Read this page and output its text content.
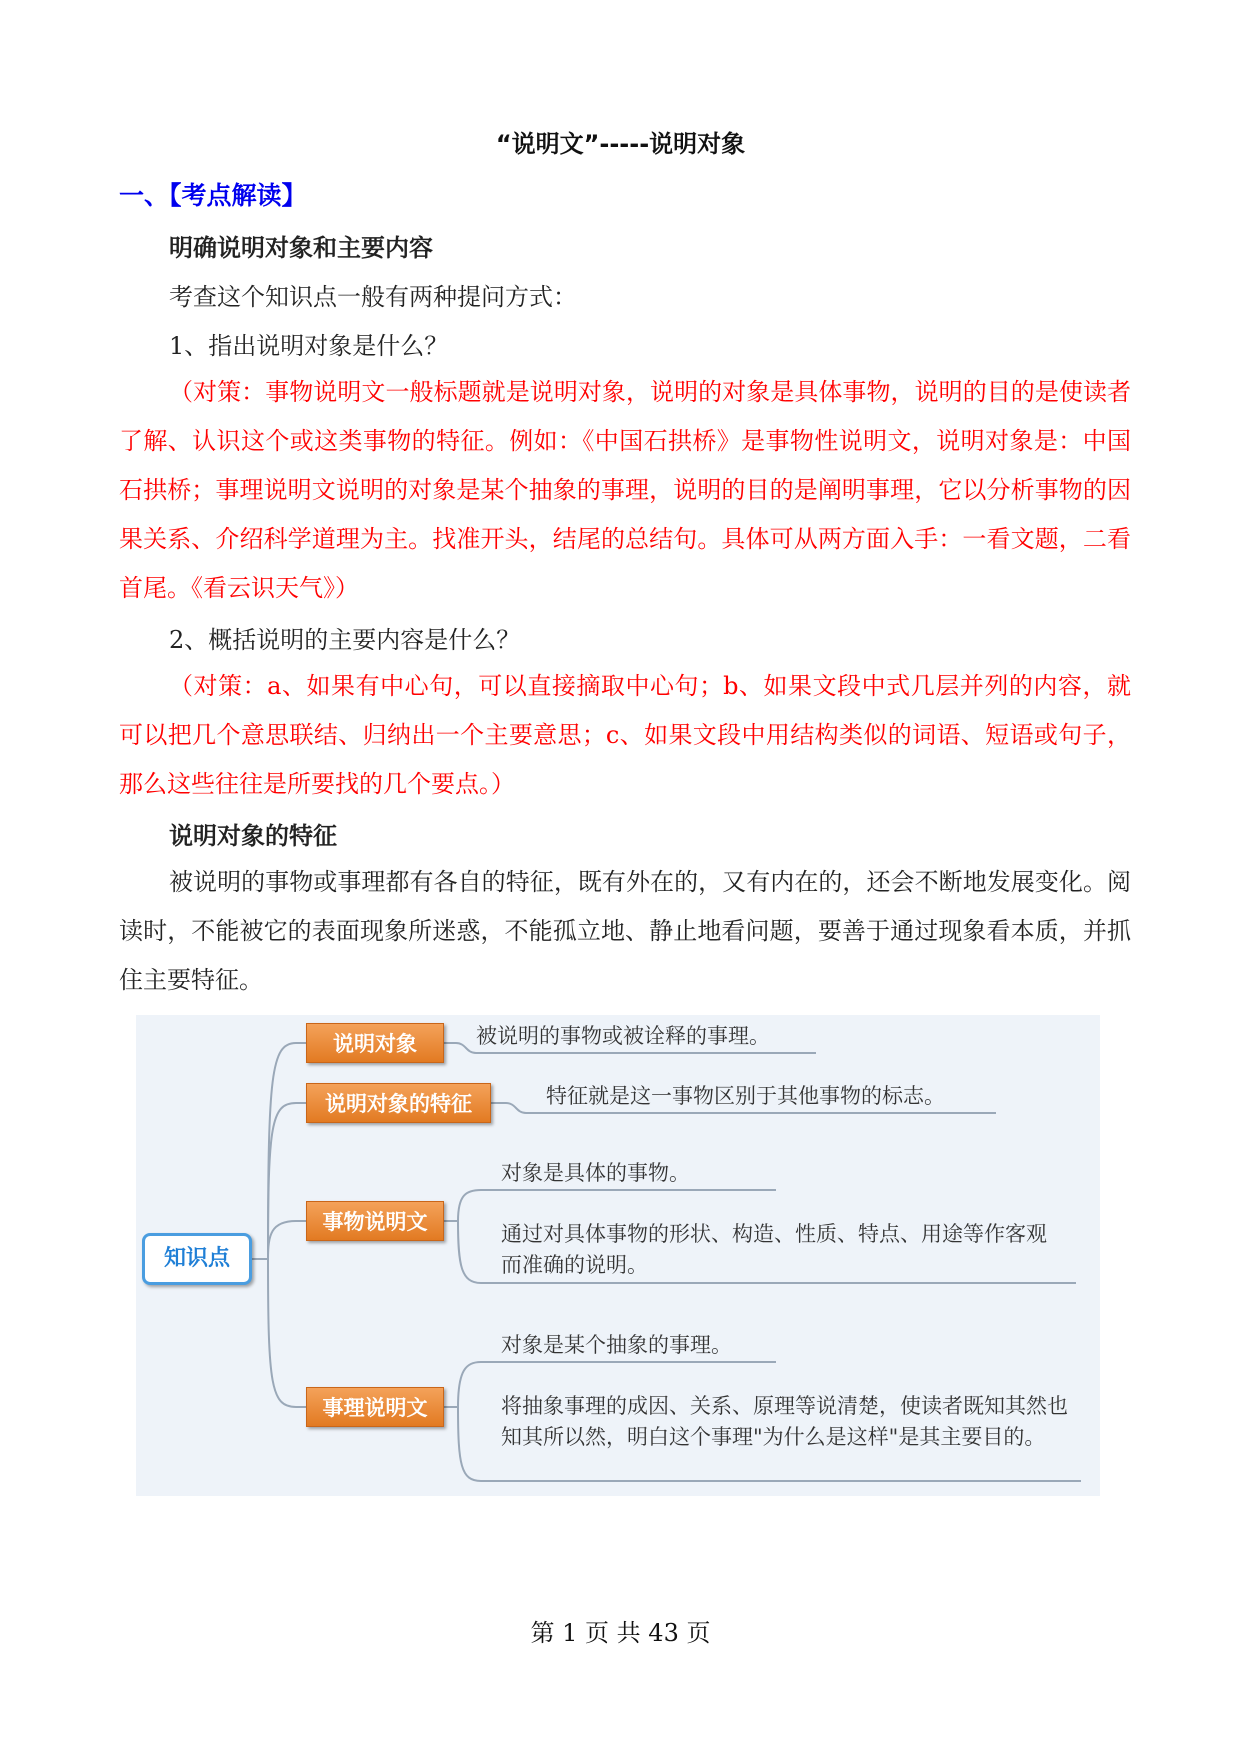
“说明文”-----说明对象
一、【考点解读】
明确说明对象和主要内容
考查这个知识点一般有两种提问方式：
1、指出说明对象是什么？

（对策：事物说明文一般标题就是说明对象，说明的对象是具体事物，说明的目的是使读者了解、认识这个或这类事物的特征。例如：《中国石拱桥》是事物性说明文，说明对象是：中国石拱桥；事理说明文说明的对象是某个抽象的事理，说明的目的是阐明事理，它以分析事物的因果关系、介绍科学道理为主。找准开头，结尾的总结句。具体可从两方面入手：一看文题，二看首尾。《看云识天气》）

2、概括说明的主要内容是什么？

（对策：a、如果有中心句，可以直接摘取中心句；b、如果文段中式几层并列的内容，就可以把几个意思联结、归纳出一个主要意思；c、如果文段中用结构类似的词语、短语或句子，那么这些往往是所要找的几个要点。）

说明对象的特征

被说明的事物或事理都有各自的特征，既有外在的，又有内在的，还会不断地发展变化。阅读时，不能被它的表面现象所迷惑，不能孤立地、静止地看问题，要善于通过现象看本质，并抓住主要特征。

知识点
说明对象
说明对象的特征
事物说明文
事理说明文
被说明的事物或被诠释的事理。
特征就是这一事物区别于其他事物的标志。
对象是具体的事物。
通过对具体事物的形状、构造、性质、特点、用途等作客观而准确的说明。
对象是某个抽象的事理。
将抽象事理的成因、关系、原理等说清楚，使读者既知其然也知其所以然，明白这个事理"为什么是这样"是其主要目的。
第 1 页 共 43 页
